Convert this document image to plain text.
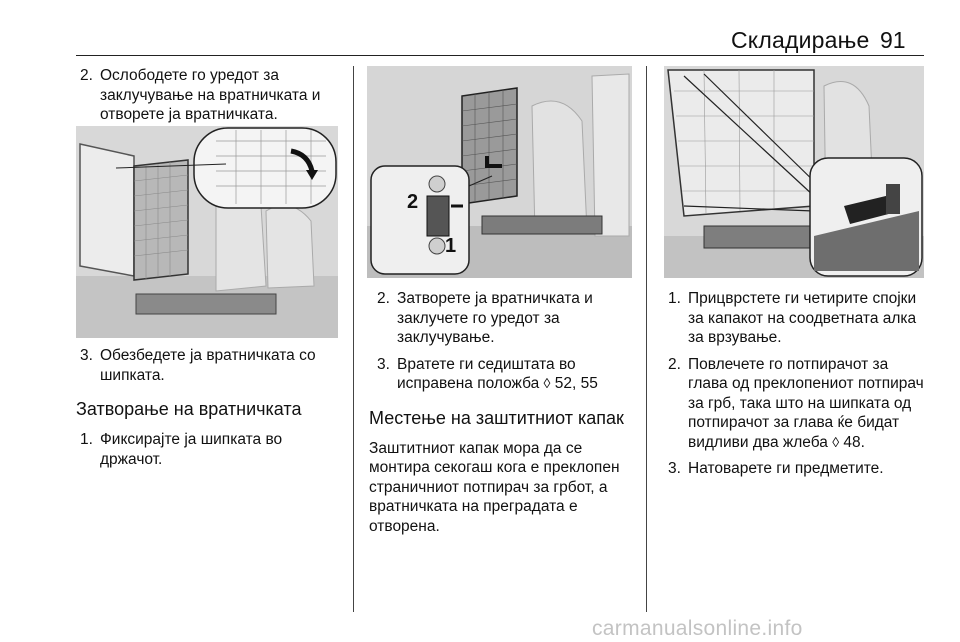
Складирање 91
2. Ослободете го уредот за заклучување на вратничката и отворете ја вратничката.
3. Обезбедете ја вратничката со шипката.
Затворање на вратничката
1. Фиксирајте ја шипката во држачот.
2
1
2. Затворете ја вратничката и заклучете го уредот за заклучување.
3. Вратете ги седиштата во исправена положба ◊ 52, 55
Местење на заштитниот капак

Заштитниот капак мора да се монтира секогаш кога е преклопен страничниот потпирач за грбот, а вратничката на преградата е отворена.

1. Прицврстете ги четирите спојки за капакот на соодветната алка за врзување.
2. Повлечете го потпирачот за глава од преклопениот потпирач за грб, така што на шипката од потпирачот за глава ќе бидат видливи два жлеба ◊ 48.
3. Натоварете ги предметите.
carmanualsonline.info
